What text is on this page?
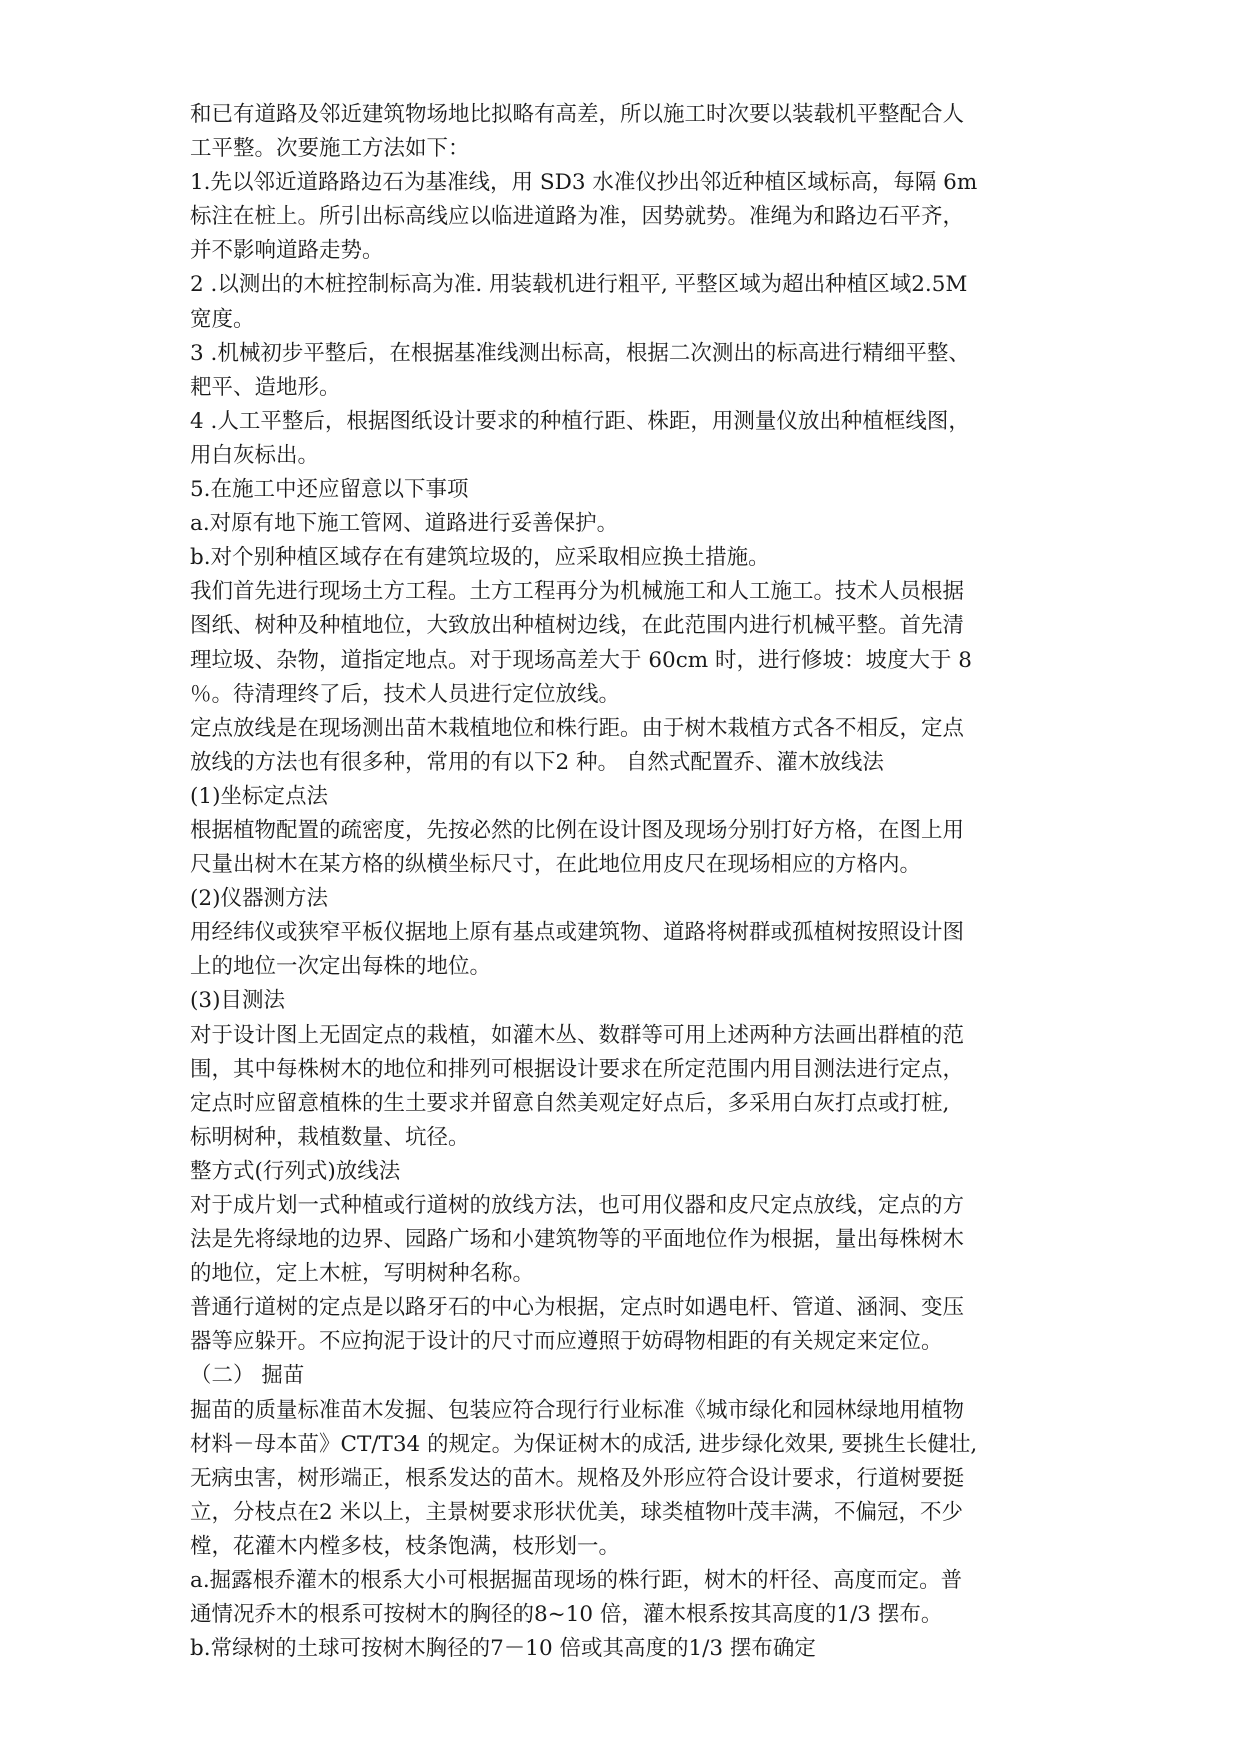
和已有道路及邻近建筑物场地比拟略有高差，所以施工时次要以装载机平整配合人
工平整。次要施工方法如下：
1.先以邻近道路路边石为基准线，用 SD3 水准仪抄出邻近种植区域标高，每隔 6m
标注在桩上。所引出标高线应以临进道路为准，因势就势。准绳为和路边石平齐，
并不影响道路走势。
2 .以测出的木桩控制标高为准. 用装载机进行粗平, 平整区域为超出种植区域2.5M
宽度。
3 .机械初步平整后，在根据基准线测出标高，根据二次测出的标高进行精细平整、
耙平、造地形。
4 .人工平整后，根据图纸设计要求的种植行距、株距，用测量仪放出种植框线图，
用白灰标出。
5.在施工中还应留意以下事项
a.对原有地下施工管网、道路进行妥善保护。
b.对个别种植区域存在有建筑垃圾的，应采取相应换土措施。
我们首先进行现场土方工程。土方工程再分为机械施工和人工施工。技术人员根据
图纸、树种及种植地位，大致放出种植树边线，在此范围内进行机械平整。首先清
理垃圾、杂物，道指定地点。对于现场高差大于 60cm 时，进行修坡：坡度大于 8
％。待清理终了后，技术人员进行定位放线。
定点放线是在现场测出苗木栽植地位和株行距。由于树木栽植方式各不相反，定点
放线的方法也有很多种，常用的有以下2 种。 自然式配置乔、灌木放线法
(1)坐标定点法
根据植物配置的疏密度，先按必然的比例在设计图及现场分别打好方格，在图上用
尺量出树木在某方格的纵横坐标尺寸，在此地位用皮尺在现场相应的方格内。
(2)仪器测方法
用经纬仪或狭窄平板仪据地上原有基点或建筑物、道路将树群或孤植树按照设计图
上的地位一次定出每株的地位。
(3)目测法
对于设计图上无固定点的栽植，如灌木丛、数群等可用上述两种方法画出群植的范
围，其中每株树木的地位和排列可根据设计要求在所定范围内用目测法进行定点，
定点时应留意植株的生土要求并留意自然美观定好点后，多采用白灰打点或打桩,
标明树种，栽植数量、坑径。
整方式(行列式)放线法
对于成片划一式种植或行道树的放线方法，也可用仪器和皮尺定点放线，定点的方
法是先将绿地的边界、园路广场和小建筑物等的平面地位作为根据，量出每株树木
的地位，定上木桩，写明树种名称。
普通行道树的定点是以路牙石的中心为根据，定点时如遇电杆、管道、涵洞、变压
器等应躲开。不应拘泥于设计的尺寸而应遵照于妨碍物相距的有关规定来定位。
（二） 掘苗
掘苗的质量标准苗木发掘、包装应符合现行行业标准《城市绿化和园林绿地用植物
材料－母本苗》CT/T34 的规定。为保证树木的成活, 进步绿化效果, 要挑生长健壮,
无病虫害，树形端正，根系发达的苗木。规格及外形应符合设计要求，行道树要挺
立，分枝点在2 米以上，主景树要求形状优美，球类植物叶茂丰满，不偏冠，不少
樘，花灌木内樘多枝，枝条饱满，枝形划一。
a.掘露根乔灌木的根系大小可根据掘苗现场的株行距，树木的杆径、高度而定。普
通情况乔木的根系可按树木的胸径的8~10 倍，灌木根系按其高度的1/3 摆布。
b.常绿树的土球可按树木胸径的7－10 倍或其高度的1/3 摆布确定
